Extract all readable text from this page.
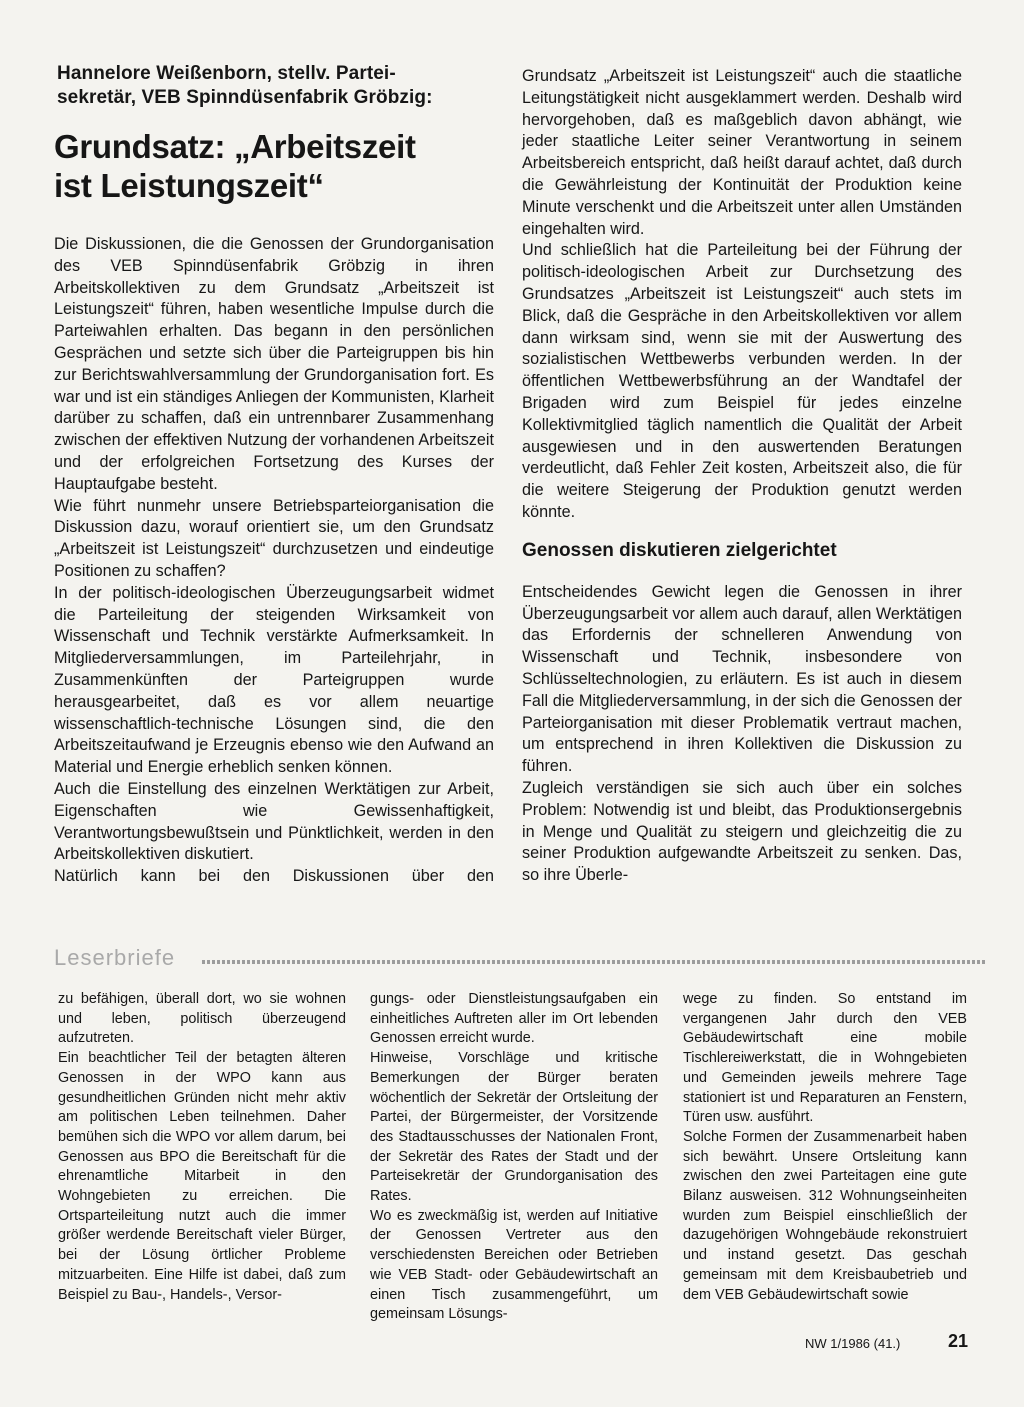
Hannelore Weißenborn, stellv. Partei-
sekretär, VEB Spinndüsenfabrik Gröbzig:
Grundsatz: „Arbeitszeit
ist Leistungszeit“

Die Diskussionen, die die Genossen der Grundorganisation des VEB Spinndüsenfabrik Gröbzig in ihren Arbeitskollektiven zu dem Grundsatz „Arbeitszeit ist Leistungszeit“ führen, haben wesentliche Impulse durch die Parteiwahlen erhalten. Das begann in den persönlichen Gesprächen und setzte sich über die Parteigruppen bis hin zur Berichtswahlversammlung der Grundorganisation fort. Es war und ist ein ständiges Anliegen der Kommunisten, Klarheit darüber zu schaffen, daß ein untrennbarer Zusammenhang zwischen der effektiven Nutzung der vorhandenen Arbeitszeit und der erfolgreichen Fortsetzung des Kurses der Hauptaufgabe besteht.

Wie führt nunmehr unsere Betriebsparteiorganisation die Diskussion dazu, worauf orientiert sie, um den Grundsatz „Arbeitszeit ist Leistungszeit“ durchzusetzen und eindeutige Positionen zu schaffen?

In der politisch-ideologischen Überzeugungsarbeit widmet die Parteileitung der steigenden Wirksamkeit von Wissenschaft und Technik verstärkte Aufmerksamkeit. In Mitgliederversammlungen, im Parteilehrjahr, in Zusammenkünften der Parteigruppen wurde herausgearbeitet, daß es vor allem neuartige wissenschaftlich-technische Lösungen sind, die den Arbeitszeitaufwand je Erzeugnis ebenso wie den Aufwand an Material und Energie erheblich senken können.

Auch die Einstellung des einzelnen Werktätigen zur Arbeit, Eigenschaften wie Gewissenhaftigkeit, Verantwortungsbewußtsein und Pünktlichkeit, werden in den Arbeitskollektiven diskutiert.

Natürlich kann bei den Diskussionen über den

Grundsatz „Arbeitszeit ist Leistungszeit“ auch die staatliche Leitungstätigkeit nicht ausgeklammert werden. Deshalb wird hervorgehoben, daß es maßgeblich davon abhängt, wie jeder staatliche Leiter seiner Verantwortung in seinem Arbeitsbereich entspricht, daß heißt darauf achtet, daß durch die Gewährleistung der Kontinuität der Produktion keine Minute verschenkt und die Arbeitszeit unter allen Umständen eingehalten wird.

Und schließlich hat die Parteileitung bei der Führung der politisch-ideologischen Arbeit zur Durchsetzung des Grundsatzes „Arbeitszeit ist Leistungszeit“ auch stets im Blick, daß die Gespräche in den Arbeitskollektiven vor allem dann wirksam sind, wenn sie mit der Auswertung des sozialistischen Wettbewerbs verbunden werden. In der öffentlichen Wettbewerbsführung an der Wandtafel der Brigaden wird zum Beispiel für jedes einzelne Kollektivmitglied täglich namentlich die Qualität der Arbeit ausgewiesen und in den auswertenden Beratungen verdeutlicht, daß Fehler Zeit kosten, Arbeitszeit also, die für die weitere Steigerung der Produktion genutzt werden könnte.

Genossen diskutieren zielgerichtet

Entscheidendes Gewicht legen die Genossen in ihrer Überzeugungsarbeit vor allem auch darauf, allen Werktätigen das Erfordernis der schnelleren Anwendung von Wissenschaft und Technik, insbesondere von Schlüsseltechnologien, zu erläutern. Es ist auch in diesem Fall die Mitgliederversammlung, in der sich die Genossen der Parteiorganisation mit dieser Problematik vertraut machen, um entsprechend in ihren Kollektiven die Diskussion zu führen.

Zugleich verständigen sie sich auch über ein solches Problem: Notwendig ist und bleibt, das Produktionsergebnis in Menge und Qualität zu steigern und gleichzeitig die zu seiner Produktion aufgewandte Arbeitszeit zu senken. Das, so ihre Überle-

Leserbriefe

zu befähigen, überall dort, wo sie wohnen und leben, politisch überzeugend aufzutreten.

Ein beachtlicher Teil der betagten älteren Genossen in der WPO kann aus gesundheitlichen Gründen nicht mehr aktiv am politischen Leben teilnehmen. Daher bemühen sich die WPO vor allem darum, bei Genossen aus BPO die Bereitschaft für die ehrenamtliche Mitarbeit in den Wohngebieten zu erreichen. Die Ortsparteileitung nutzt auch die immer größer werdende Bereitschaft vieler Bürger, bei der Lösung örtlicher Probleme mitzuarbeiten. Eine Hilfe ist dabei, daß zum Beispiel zu Bau-, Handels-, Versor-

gungs- oder Dienstleistungsaufgaben ein einheitliches Auftreten aller im Ort lebenden Genossen erreicht wurde.

Hinweise, Vorschläge und kritische Bemerkungen der Bürger beraten wöchentlich der Sekretär der Ortsleitung der Partei, der Bürgermeister, der Vorsitzende des Stadtausschusses der Nationalen Front, der Sekretär des Rates der Stadt und der Parteisekretär der Grundorganisation des Rates.

Wo es zweckmäßig ist, werden auf Initiative der Genossen Vertreter aus den verschiedensten Bereichen oder Betrieben wie VEB Stadt- oder Gebäudewirtschaft an einen Tisch zusammengeführt, um gemeinsam Lösungs-

wege zu finden. So entstand im vergangenen Jahr durch den VEB Gebäudewirtschaft eine mobile Tischlereiwerkstatt, die in Wohngebieten und Gemeinden jeweils mehrere Tage stationiert ist und Reparaturen an Fenstern, Türen usw. ausführt.

Solche Formen der Zusammenarbeit haben sich bewährt. Unsere Ortsleitung kann zwischen den zwei Parteitagen eine gute Bilanz ausweisen. 312 Wohnungseinheiten wurden zum Beispiel einschließlich der dazugehörigen Wohngebäude rekonstruiert und instand gesetzt. Das geschah gemeinsam mit dem Kreisbaubetrieb und dem VEB Gebäudewirtschaft sowie

NW 1/1986 (41.)	21
